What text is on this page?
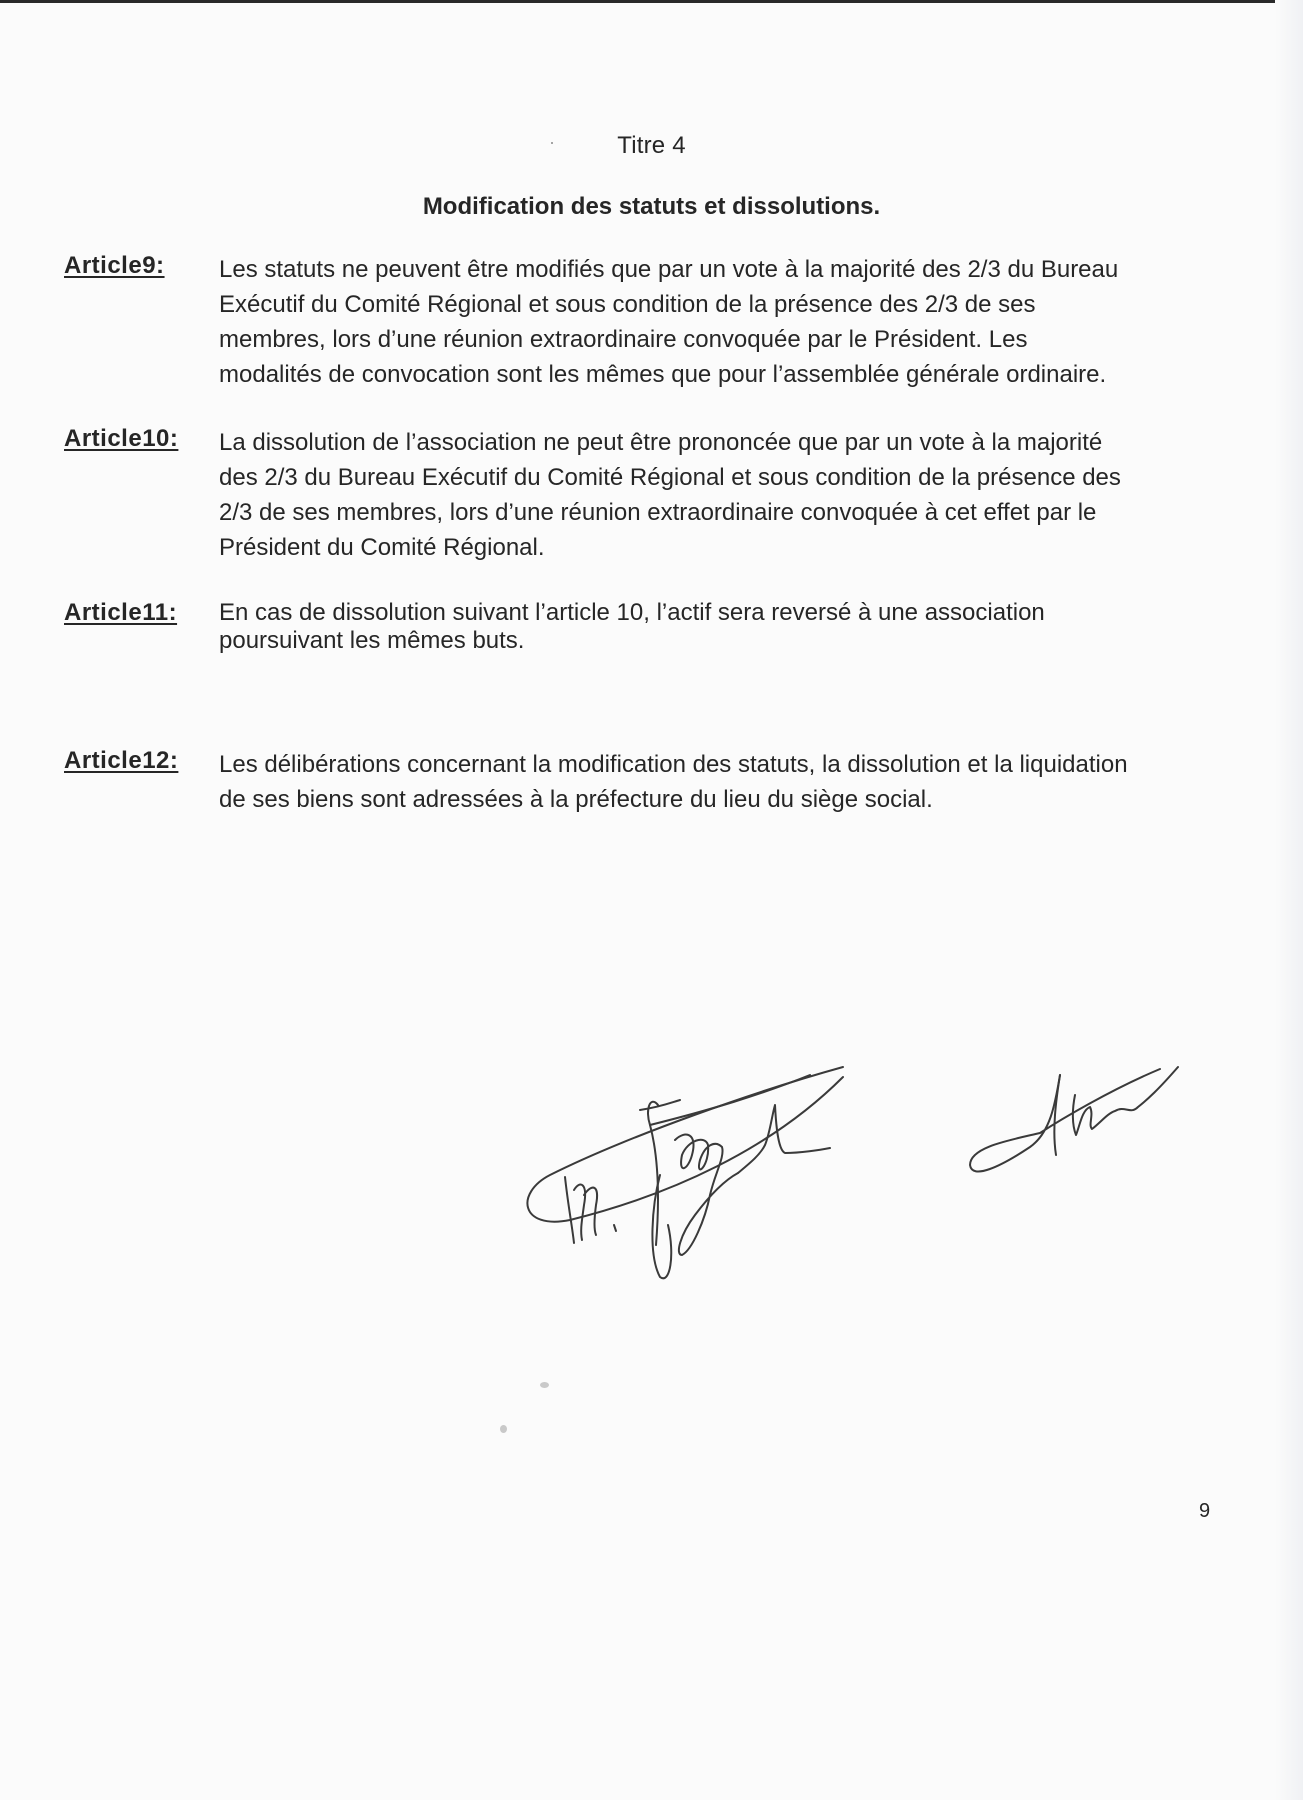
Titre 4
Modification des statuts et dissolutions.
Article9: Les statuts ne peuvent être modifiés que par un vote à la majorité des 2/3 du Bureau
Exécutif du Comité Régional et sous condition de la présence des 2/3 de ses
membres, lors d’une réunion extraordinaire convoquée par le Président. Les
modalités de convocation sont les mêmes que pour l’assemblée générale ordinaire.
Article10: La dissolution de l’association ne peut être prononcée que par un vote à la majorité
des 2/3 du Bureau Exécutif du Comité Régional et sous condition de la présence des
2/3 de ses membres, lors d’une réunion extraordinaire convoquée à cet effet par le
Président du Comité Régional.
Article11: En cas de dissolution suivant l’article 10, l’actif sera reversé à une association
poursuivant les mêmes buts.
Article12: Les délibérations concernant la modification des statuts, la dissolution et la liquidation
de ses biens sont adressées à la préfecture du lieu du siège social.
9
